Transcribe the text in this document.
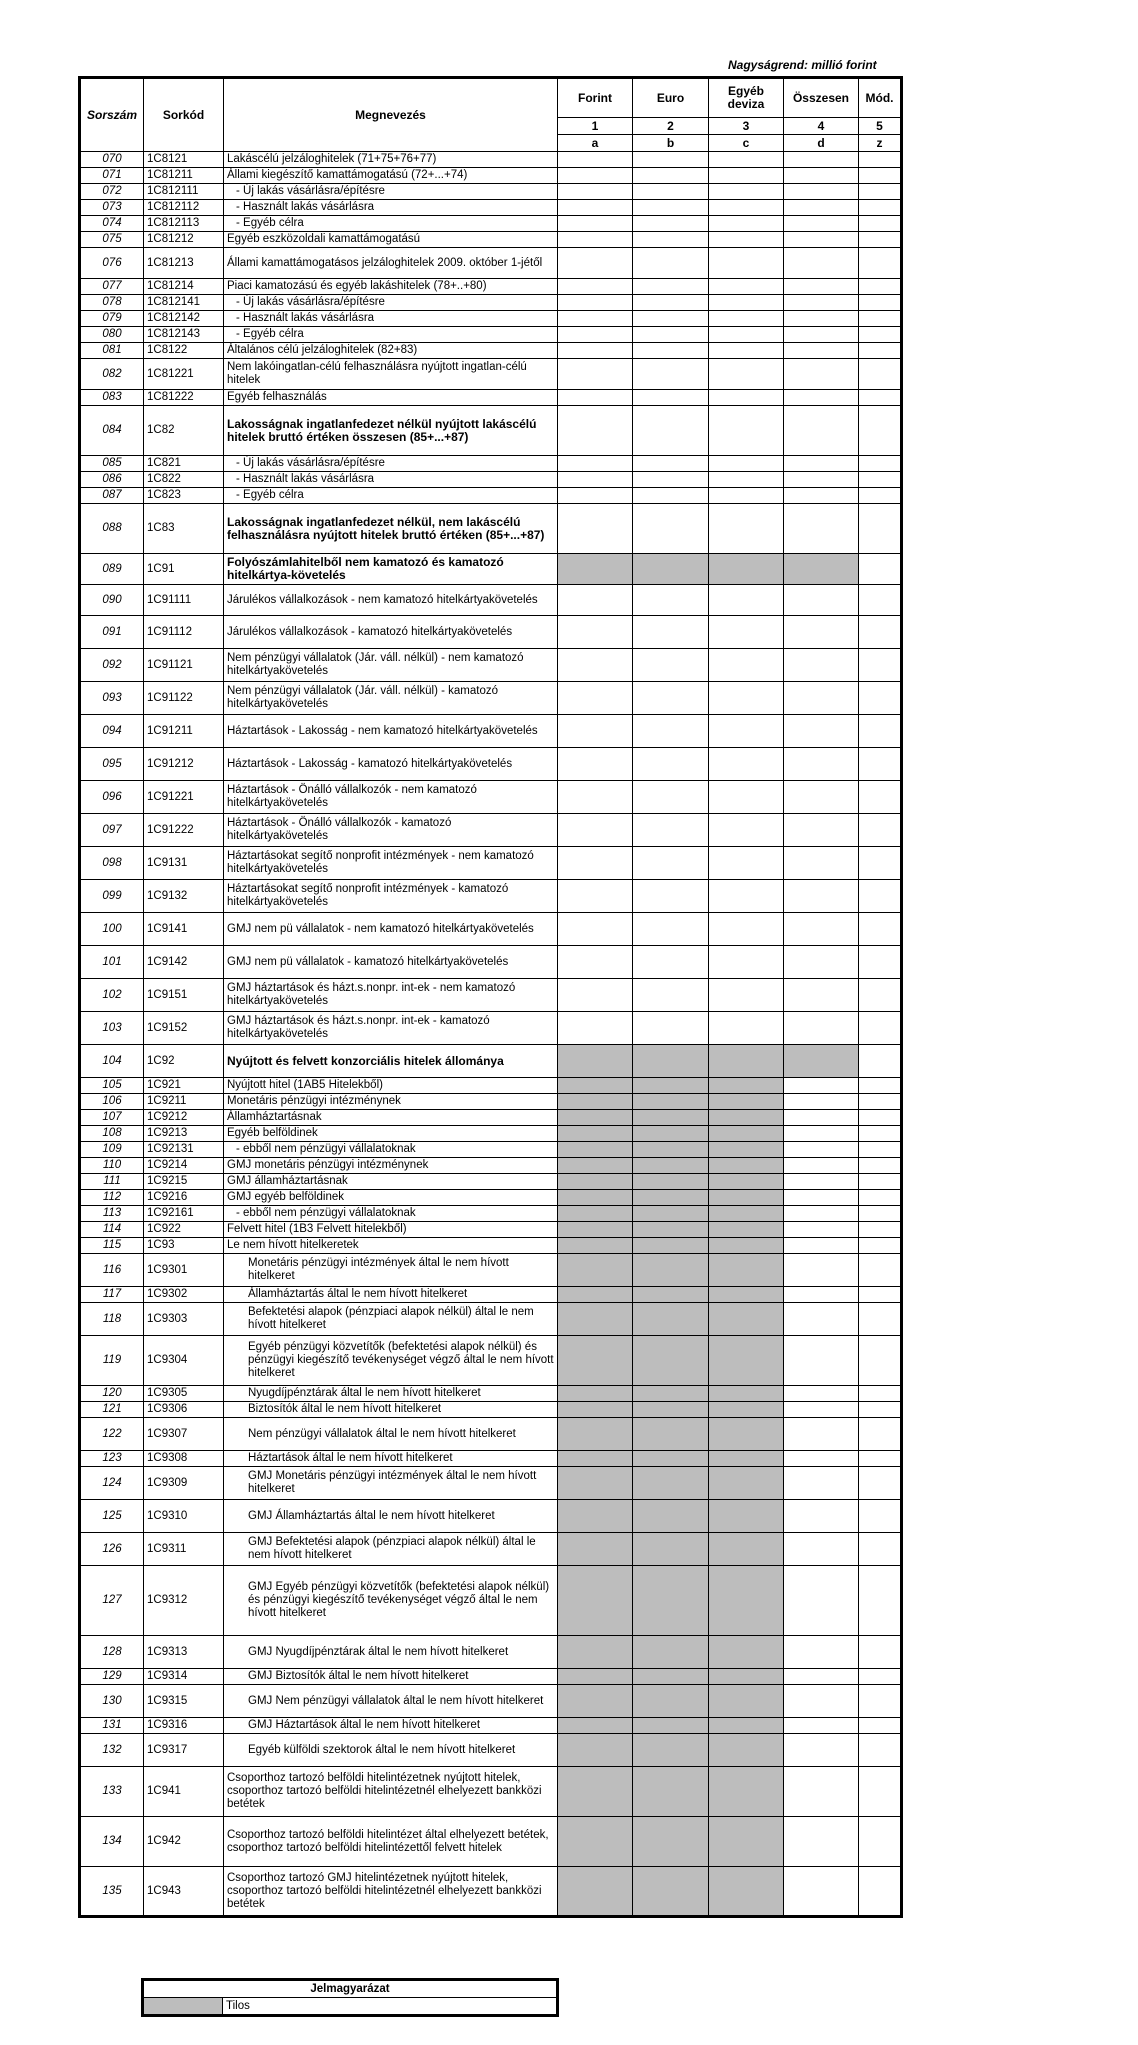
Nagyságrend: millió forint
Sorszám	Sorkód	Megnevezés	Forint	Euro	Egyéb deviza	Összesen	Mód.
			1	2	3	4	5
			a	b	c	d	z
070	1C8121	Lakáscélú jelzáloghitelek (71+75+76+77)					
071	1C81211	Állami kiegészítő kamattámogatású (72+...+74)					
072	1C812111	- Új lakás vásárlásra/építésre					
073	1C812112	- Használt lakás vásárlásra					
074	1C812113	- Egyéb célra					
075	1C81212	Egyéb eszközoldali kamattámogatású					
076	1C81213	Állami kamattámogatásos jelzáloghitelek 2009. október 1-jétől					
077	1C81214	Piaci kamatozású és egyéb lakáshitelek (78+..+80)					
078	1C812141	- Új lakás vásárlásra/építésre					
079	1C812142	- Használt lakás vásárlásra					
080	1C812143	- Egyéb célra					
081	1C8122	Általános célú jelzáloghitelek (82+83)					
082	1C81221	Nem lakóingatlan-célú felhasználásra nyújtott ingatlan-célú hitelek					
083	1C81222	Egyéb felhasználás					
084	1C82	Lakosságnak ingatlanfedezet nélkül nyújtott lakáscélú hitelek bruttó értéken összesen (85+...+87)					
085	1C821	- Új lakás vásárlásra/építésre					
086	1C822	- Használt lakás vásárlásra					
087	1C823	- Egyéb célra					
088	1C83	Lakosságnak ingatlanfedezet nélkül, nem lakáscélú felhasználásra nyújtott hitelek bruttó értéken (85+...+87)					
089	1C91	Folyószámlahitelből nem kamatozó és kamatozó hitelkártya-követelés					
090	1C91111	Járulékos vállalkozások - nem kamatozó hitelkártyakövetelés					
091	1C91112	Járulékos vállalkozások - kamatozó hitelkártyakövetelés					
092	1C91121	Nem pénzügyi vállalatok (Jár. váll. nélkül) - nem kamatozó hitelkártyakövetelés					
093	1C91122	Nem pénzügyi vállalatok (Jár. váll. nélkül) - kamatozó hitelkártyakövetelés					
094	1C91211	Háztartások - Lakosság - nem kamatozó hitelkártyakövetelés					
095	1C91212	Háztartások - Lakosság - kamatozó hitelkártyakövetelés					
096	1C91221	Háztartások - Önálló vállalkozók - nem kamatozó hitelkártyakövetelés					
097	1C91222	Háztartások - Önálló vállalkozók - kamatozó hitelkártyakövetelés					
098	1C9131	Háztartásokat segítő nonprofit intézmények - nem kamatozó hitelkártyakövetelés					
099	1C9132	Háztartásokat segítő nonprofit intézmények - kamatozó hitelkártyakövetelés					
100	1C9141	GMJ nem pü vállalatok - nem kamatozó hitelkártyakövetelés					
101	1C9142	GMJ nem pü vállalatok - kamatozó hitelkártyakövetelés					
102	1C9151	GMJ háztartások és házt.s.nonpr. int-ek - nem kamatozó hitelkártyakövetelés					
103	1C9152	GMJ háztartások és házt.s.nonpr. int-ek - kamatozó hitelkártyakövetelés					
104	1C92	Nyújtott és felvett konzorciális hitelek állománya					
105	1C921	Nyújtott hitel (1AB5 Hitelekből)					
106	1C9211	Monetáris pénzügyi intézménynek					
107	1C9212	Államháztartásnak					
108	1C9213	Egyéb belföldinek					
109	1C92131	- ebből nem pénzügyi vállalatoknak					
110	1C9214	GMJ monetáris pénzügyi intézménynek					
111	1C9215	GMJ államháztartásnak					
112	1C9216	GMJ egyéb belföldinek					
113	1C92161	- ebből nem pénzügyi vállalatoknak					
114	1C922	Felvett hitel (1B3 Felvett hitelekből)					
115	1C93	Le nem hívott hitelkeretek					
116	1C9301	Monetáris pénzügyi intézmények által le nem hívott hitelkeret					
117	1C9302	Államháztartás által le nem hívott hitelkeret					
118	1C9303	Befektetési alapok (pénzpiaci alapok nélkül) által le nem hívott hitelkeret					
119	1C9304	Egyéb pénzügyi közvetítők (befektetési alapok nélkül) és pénzügyi kiegészítő tevékenységet végző által le nem hívott hitelkeret					
120	1C9305	Nyugdíjpénztárak által le nem hívott hitelkeret					
121	1C9306	Biztosítók által le nem hívott hitelkeret					
122	1C9307	Nem pénzügyi vállalatok által le nem hívott hitelkeret					
123	1C9308	Háztartások által le nem hívott hitelkeret					
124	1C9309	GMJ Monetáris pénzügyi intézmények által le nem hívott hitelkeret					
125	1C9310	GMJ Államháztartás által le nem hívott hitelkeret					
126	1C9311	GMJ Befektetési alapok (pénzpiaci alapok nélkül) által le nem hívott hitelkeret					
127	1C9312	GMJ Egyéb pénzügyi közvetítők (befektetési alapok nélkül) és pénzügyi kiegészítő tevékenységet végző által le nem hívott hitelkeret					
128	1C9313	GMJ Nyugdíjpénztárak által le nem hívott hitelkeret					
129	1C9314	GMJ Biztosítók által le nem hívott hitelkeret					
130	1C9315	GMJ Nem pénzügyi vállalatok által le nem hívott hitelkeret					
131	1C9316	GMJ Háztartások által le nem hívott hitelkeret					
132	1C9317	Egyéb külföldi szektorok által le nem hívott hitelkeret					
133	1C941	Csoporthoz tartozó belföldi hitelintézetnek nyújtott hitelek, csoporthoz tartozó belföldi hitelintézetnél elhelyezett bankközi betétek					
134	1C942	Csoporthoz tartozó belföldi hitelintézet által elhelyezett betétek, csoporthoz tartozó belföldi hitelintézettől felvett hitelek					
135	1C943	Csoporthoz tartozó GMJ hitelintézetnek nyújtott hitelek, csoporthoz tartozó belföldi hitelintézetnél elhelyezett bankközi betétek					
Jelmagyarázat
	Tilos
